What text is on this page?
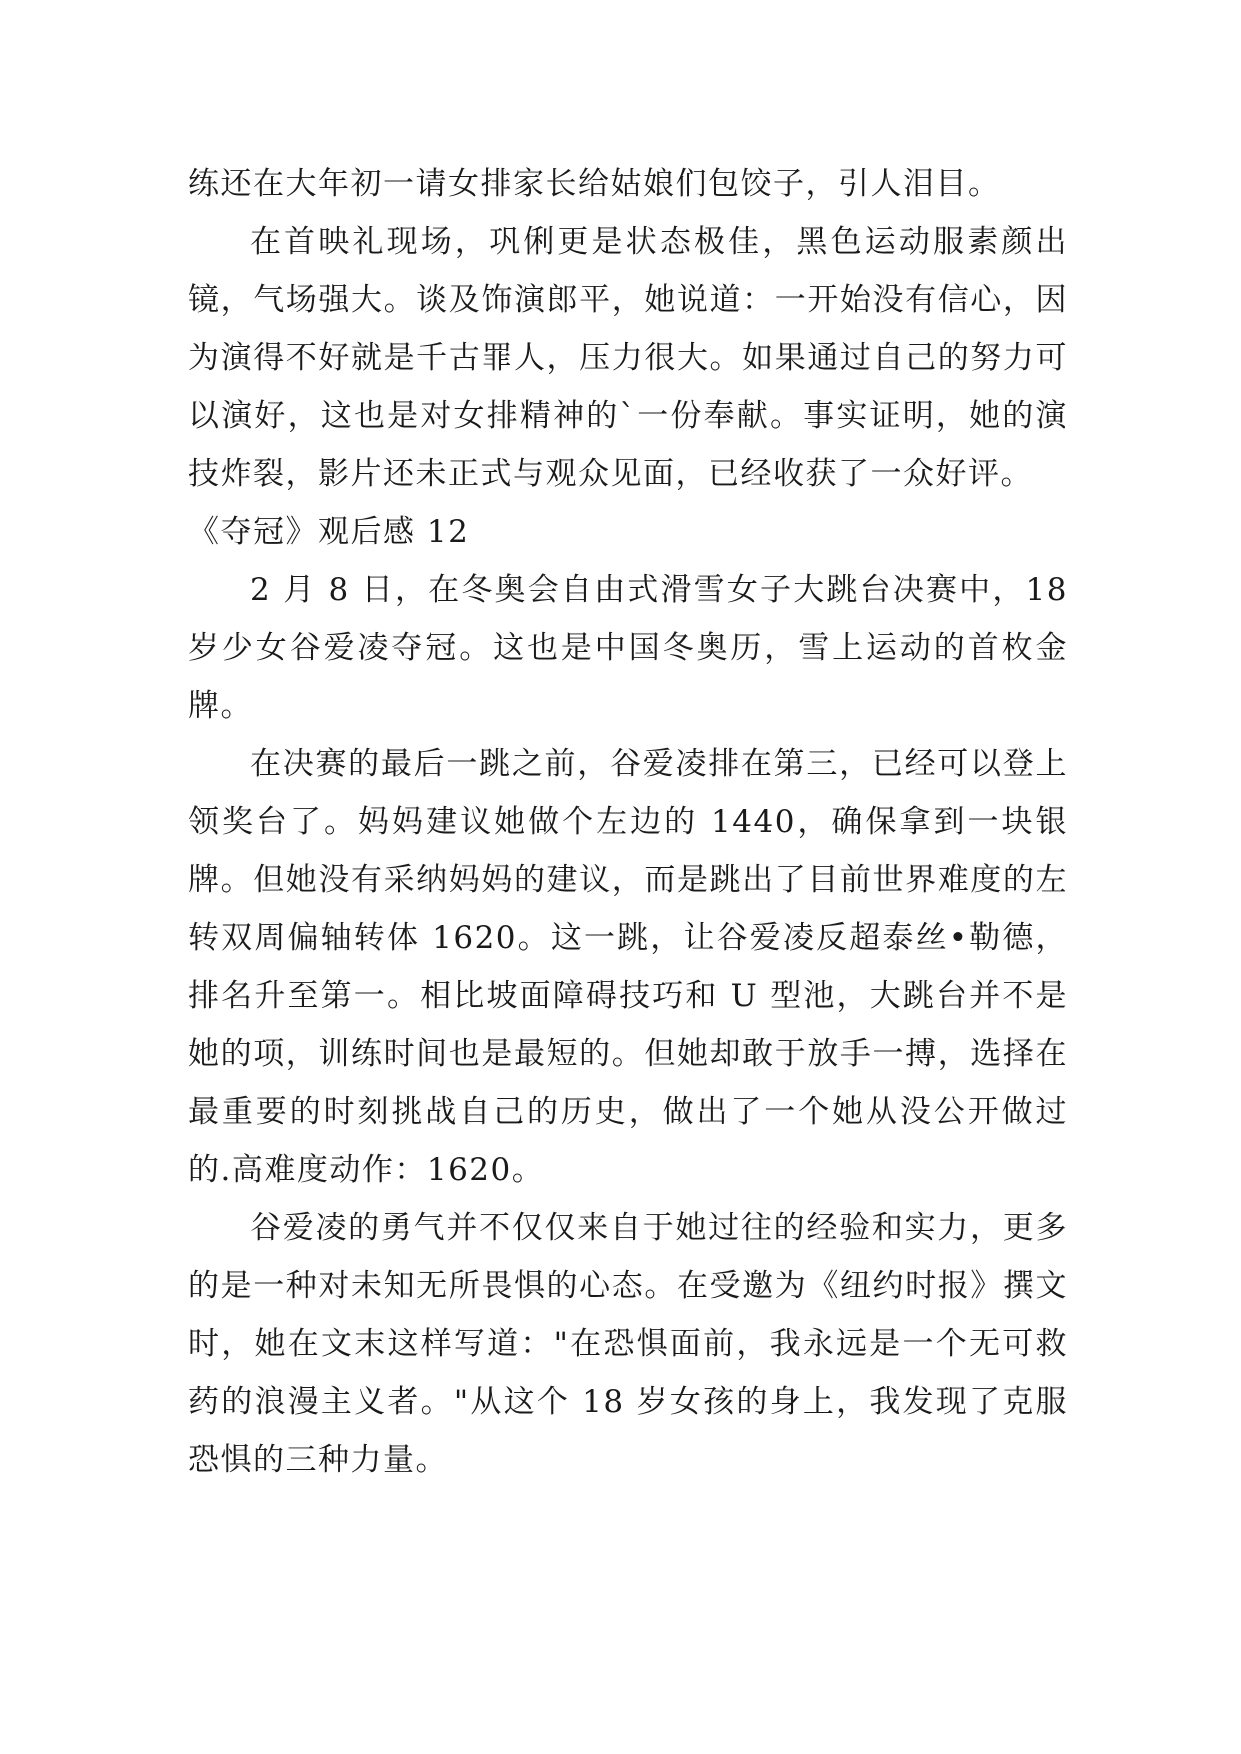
练还在大年初一请女排家长给姑娘们包饺子，引人泪目。

在首映礼现场，巩俐更是状态极佳，黑色运动服素颜出镜，气场强大。谈及饰演郎平，她说道：一开始没有信心，因为演得不好就是千古罪人，压力很大。如果通过自己的努力可以演好，这也是对女排精神的`一份奉献。事实证明，她的演技炸裂，影片还未正式与观众见面，已经收获了一众好评。

《夺冠》观后感 12

2 月 8 日，在冬奥会自由式滑雪女子大跳台决赛中，18 岁少女谷爱凌夺冠。这也是中国冬奥历，雪上运动的首枚金牌。

在决赛的最后一跳之前，谷爱凌排在第三，已经可以登上领奖台了。妈妈建议她做个左边的 1440，确保拿到一块银牌。但她没有采纳妈妈的建议，而是跳出了目前世界难度的左转双周偏轴转体 1620。这一跳，让谷爱凌反超泰丝•勒德，排名升至第一。相比坡面障碍技巧和 U 型池，大跳台并不是她的项，训练时间也是最短的。但她却敢于放手一搏，选择在最重要的时刻挑战自己的历史，做出了一个她从没公开做过的.高难度动作：1620。

谷爱凌的勇气并不仅仅来自于她过往的经验和实力，更多的是一种对未知无所畏惧的心态。在受邀为《纽约时报》撰文时，她在文末这样写道："在恐惧面前，我永远是一个无可救药的浪漫主义者。"从这个 18 岁女孩的身上，我发现了克服恐惧的三种力量。
